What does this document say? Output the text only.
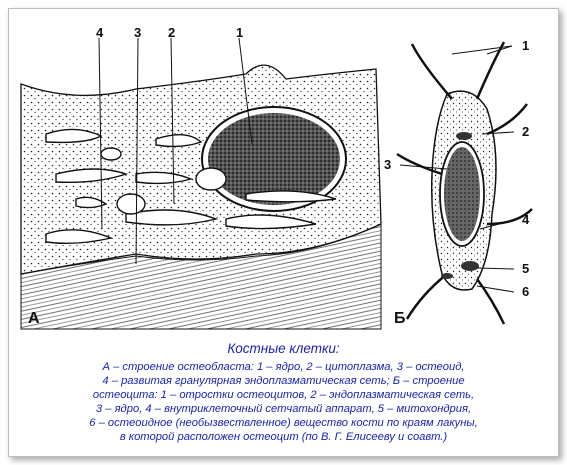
1
2
3
4
А
1
2
3
4
5
6
Б
Костные клетки:
А – строение остеобласта: 1 – ядро, 2 – цитоплазма, 3 – остеоид,
4 – развитая гранулярная эндоплазматическая сеть; Б – строение
остеоцита: 1 – отростки остеоцитов, 2 – эндоплазматическая сеть,
3 – ядро, 4 – внутриклеточный сетчатый аппарат, 5 – митохондрия,
6 – остеоидное (необызвествленное) вещество кости по краям лакуны,
в которой расположен остеоцит (по В. Г. Елисееву и соавт.)
